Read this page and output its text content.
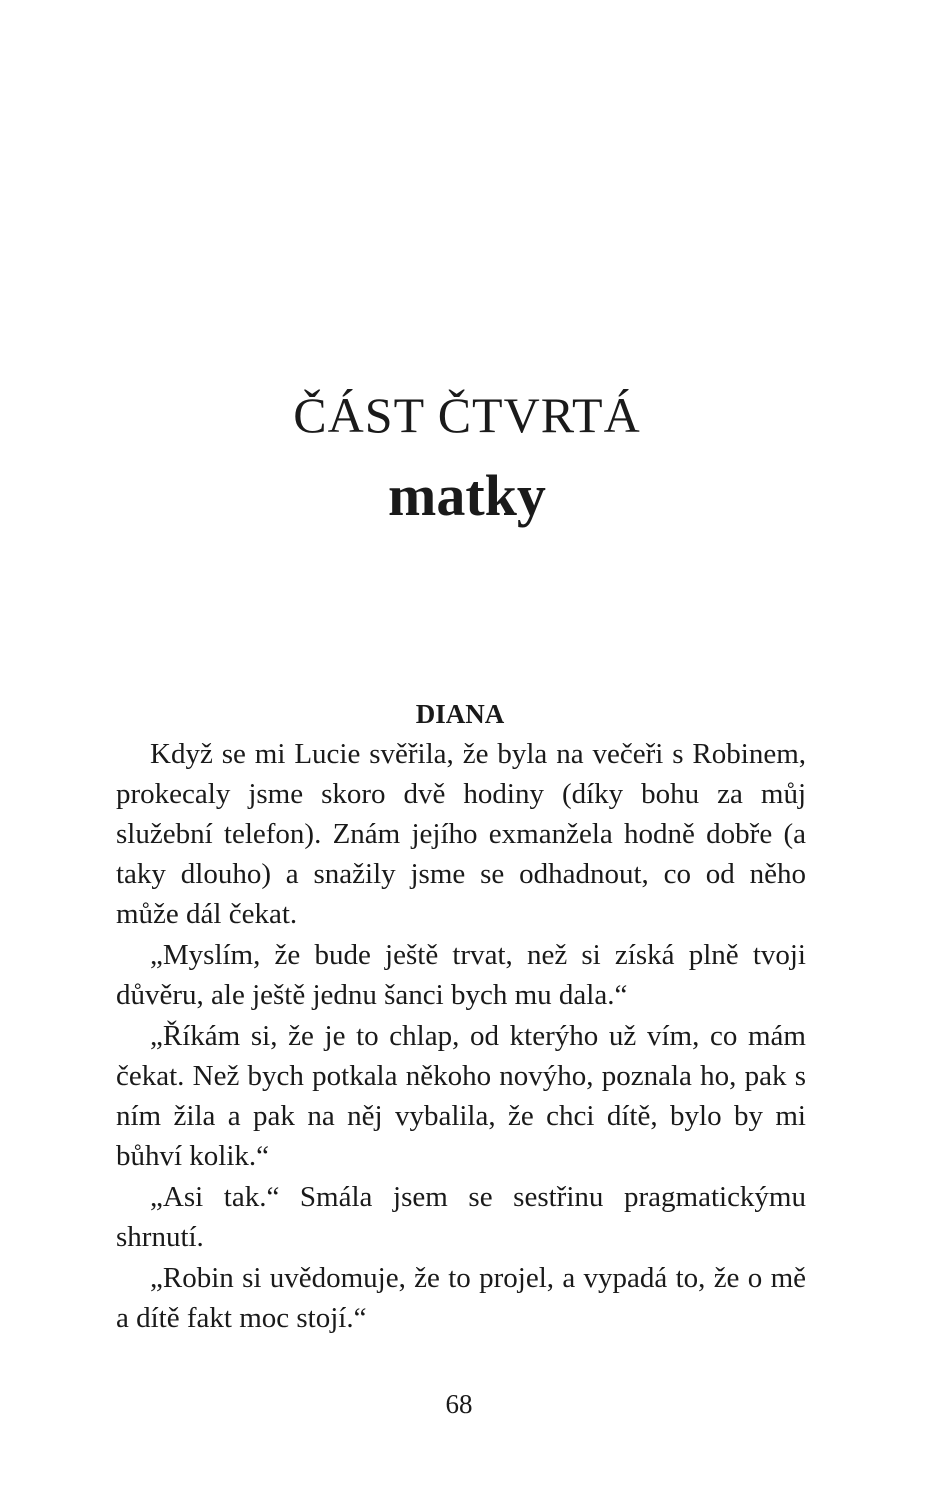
ČÁST ČTVRTÁ
matky
DIANA

Když se mi Lucie svěřila, že byla na večeři s Robinem, prokecaly jsme skoro dvě hodiny (díky bohu za můj služební telefon). Znám jejího exmanžela hodně dobře (a taky dlouho) a snažily jsme se odhadnout, co od něho může dál čekat.

„Myslím, že bude ještě trvat, než si získá plně tvoji důvěru, ale ještě jednu šanci bych mu dala.“

„Říkám si, že je to chlap, od kterýho už vím, co mám čekat. Než bych potkala někoho novýho, poznala ho, pak s ním žila a pak na něj vybalila, že chci dítě, bylo by mi bůhví kolik.“

„Asi tak.“ Smála jsem se sestřinu pragmatickýmu shrnutí.

„Robin si uvědomuje, že to projel, a vypadá to, že o mě a dítě fakt moc stojí.“

68
